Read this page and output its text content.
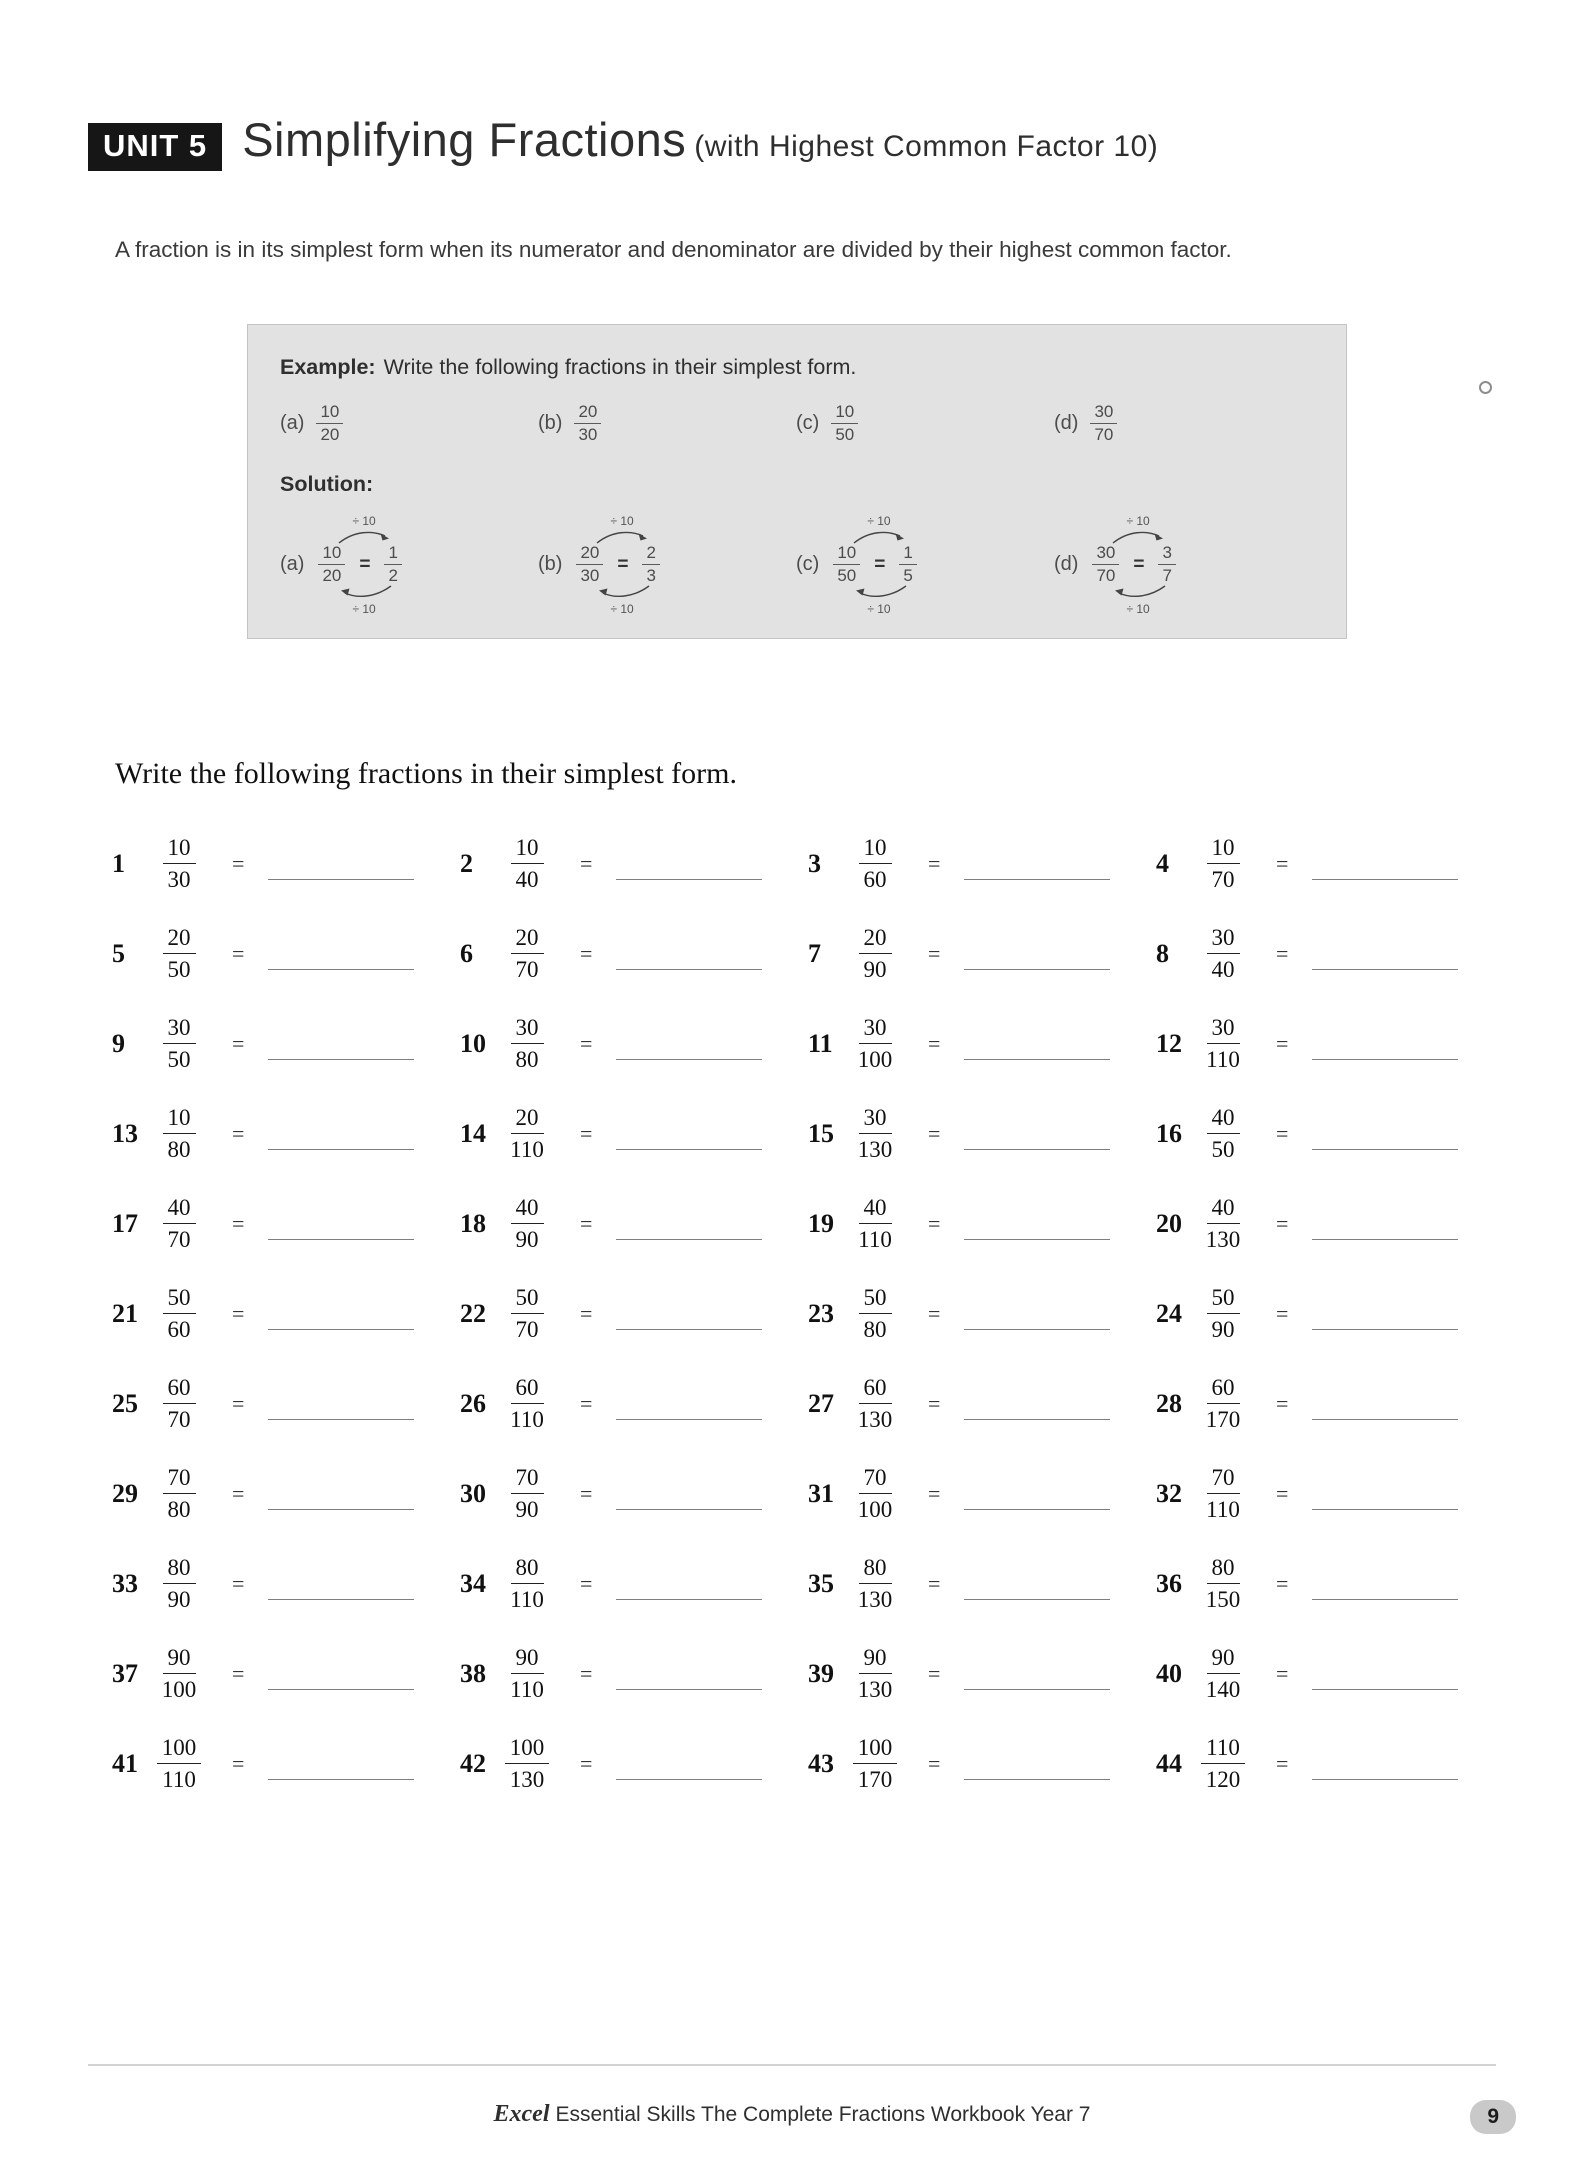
UNIT 5 Simplifying Fractions (with Highest Common Factor 10)

A fraction is in its simplest form when its numerator and denominator are divided by their highest common factor.

Example: Write the following fractions in their simplest form.
$(a) \frac{10}{20}$	$(b) \frac{20}{30}$	$(c) \frac{10}{50}$	$(d) \frac{30}{70}$
Solution:
$(a) \frac{10}{20} = \frac{1}{2}$
÷ 10
÷ 10
$(b) \frac{20}{30} = \frac{2}{3}$
÷ 10
÷ 10
$(c) \frac{10}{50} = \frac{1}{5}$
÷ 10
÷ 10
$(d) \frac{30}{70} = \frac{3}{7}$
÷ 10
÷ 10
Write the following fractions in their simplest form.
1	$\frac{10}{30}$ =	2	$\frac{10}{40}$ =	3	$\frac{10}{60}$ =	4	$\frac{10}{70}$ =
5	$\frac{20}{50}$ =	6	$\frac{20}{70}$ =	7	$\frac{20}{90}$ =	8	$\frac{30}{40}$ =
9	$\frac{30}{50}$ =	$10 \frac{30}{80}$ =	$11 \frac{30}{100}$ =	$12 \frac{30}{110}$ =
$13 \frac{10}{80}$ =	$14 \frac{20}{110}$ =	$15 \frac{30}{130}$ =	$16 \frac{40}{50}$ =
$17 \frac{40}{70}$ =	$18 \frac{40}{90}$ =	$19 \frac{40}{110}$ =	$20 \frac{40}{130}$ =
$21 \frac{50}{60}$ =	$22 \frac{50}{70}$ =	$23 \frac{50}{80}$ =	$24 \frac{50}{90}$ =
$25 \frac{60}{70}$ =	$26 \frac{60}{110}$ =	$27 \frac{60}{130}$ =	$28 \frac{60}{170}$ =
$29 \frac{70}{80}$ =	$30 \frac{70}{90}$ =	$31 \frac{70}{100}$ =	$32 \frac{70}{110}$ =
$33 \frac{80}{90}$ =	$34 \frac{80}{110}$ =	$35 \frac{80}{130}$ =	$36 \frac{80}{150}$ =
$37 \frac{90}{100}$ =	$38 \frac{90}{110}$ =	$39 \frac{90}{130}$ =	$40 \frac{90}{140}$ =
$41 \frac{100}{110}$ =	$42 \frac{100}{130}$ =	$43 \frac{100}{170}$ =	$44 \frac{110}{120}$ =
Excel Essential Skills The Complete Fractions Workbook Year 7	9
